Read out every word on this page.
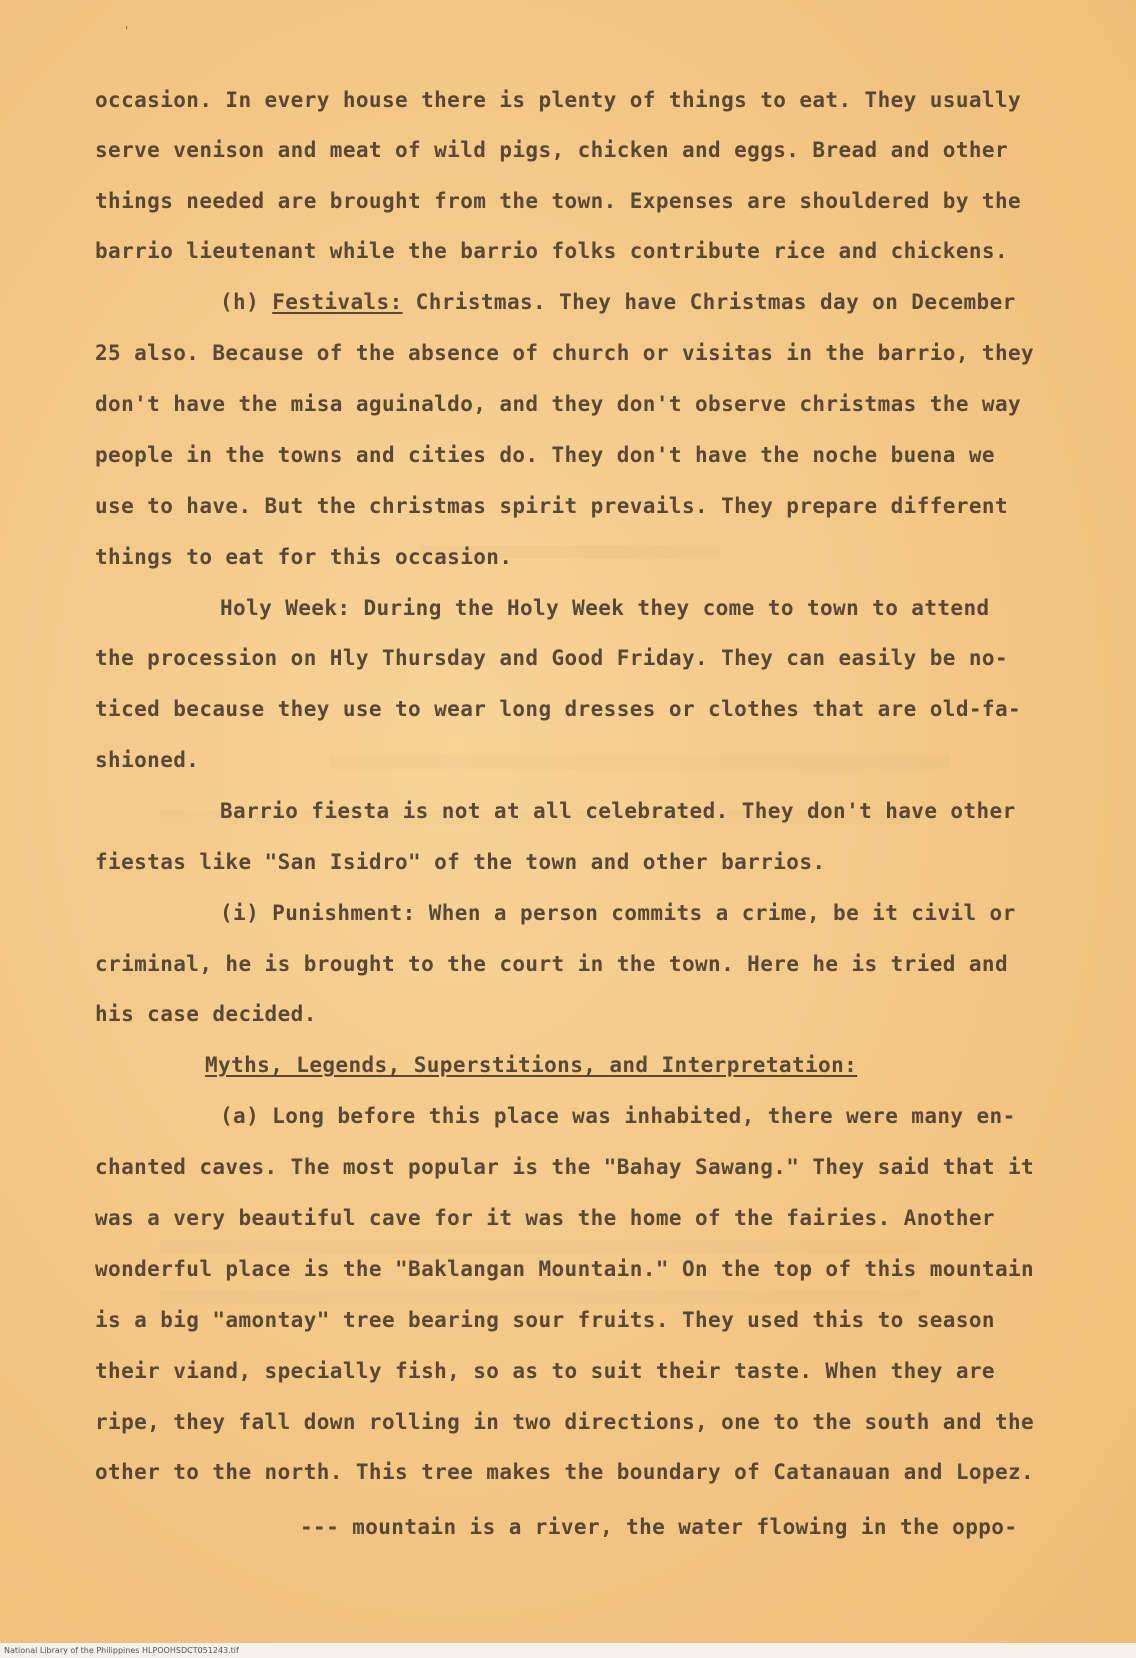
'
occasion. In every house there is plenty of things to eat. They usually
serve venison and meat of wild pigs, chicken and eggs. Bread and other
things needed are brought from the town. Expenses are shouldered by the
barrio lieutenant while the barrio folks contribute rice and chickens.
(h) Festivals: Christmas. They have Christmas day on December
25 also. Because of the absence of church or visitas in the barrio, they
don't have the misa aguinaldo, and they don't observe christmas the way
people in the towns and cities do. They don't have the noche buena we
use to have. But the christmas spirit prevails. They prepare different
things to eat for this occasion.
Holy Week: During the Holy Week they come to town to attend
the procession on Hly Thursday and Good Friday. They can easily be no-
ticed because they use to wear long dresses or clothes that are old-fa-
shioned.
Barrio fiesta is not at all celebrated. They don't have other
fiestas like "San Isidro" of the town and other barrios.
(i) Punishment: When a person commits a crime, be it civil or
criminal, he is brought to the court in the town. Here he is tried and
his case decided.
Myths, Legends, Superstitions, and Interpretation:
(a) Long before this place was inhabited, there were many en-
chanted caves. The most popular is the "Bahay Sawang." They said that it
was a very beautiful cave for it was the home of the fairies. Another
wonderful place is the "Baklangan Mountain." On the top of this mountain
is a big "amontay" tree bearing sour fruits. They used this to season
their viand, specially fish, so as to suit their taste. When they are
ripe, they fall down rolling in two directions, one to the south and the
other to the north. This tree makes the boundary of Catanauan and Lopez.
--- mountain is a river, the water flowing in the oppo-
National Library of the Philippines HLPOOHSDCT051243.tif
